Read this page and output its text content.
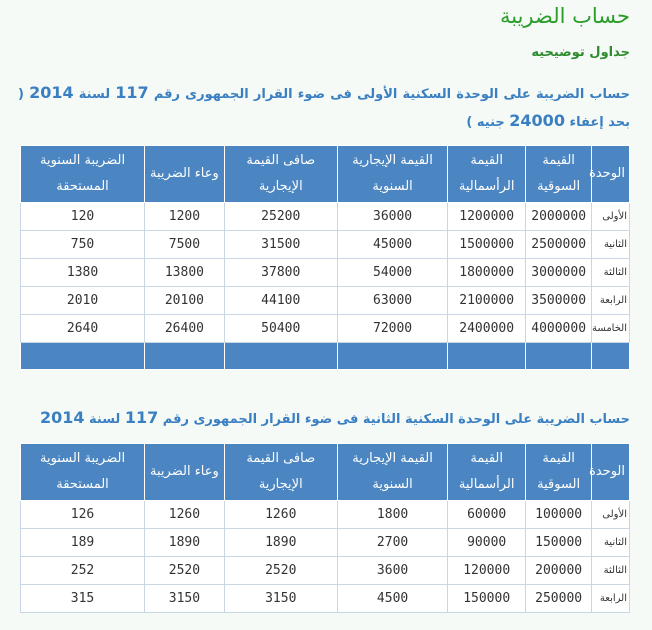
حساب الضريبة
جداول توضيحيه

حساب الضريبة على الوحدة السكنية الأولى فى ضوء القرار الجمهورى رقم 117 لسنة 2014 ( بحد إعفاء 24000 جنيه )

الوحدة	القيمة السوقية	القيمة الرأسمالية	القيمة الإيجارية السنوية	صافى القيمة الإيجارية	وعاء الضريبة	الضريبة السنوية المستحقة
الأولى	2000000	1200000	36000	25200	1200	120
الثانية	2500000	1500000	45000	31500	7500	750
الثالثة	3000000	1800000	54000	37800	13800	1380
الرابعة	3500000	2100000	63000	44100	20100	2010
الخامسة	4000000	2400000	72000	50400	26400	2640

حساب الضريبة على الوحدة السكنية الثانية فى ضوء القرار الجمهورى رقم 117 لسنة 2014

الوحدة	القيمة السوقية	القيمة الرأسمالية	القيمة الإيجارية السنوية	صافى القيمة الإيجارية	وعاء الضريبة	الضريبة السنوية المستحقة
الأولى	100000	60000	1800	1260	1260	126
الثانية	150000	90000	2700	1890	1890	189
الثالثة	200000	120000	3600	2520	2520	252
الرابعة	250000	150000	4500	3150	3150	315
